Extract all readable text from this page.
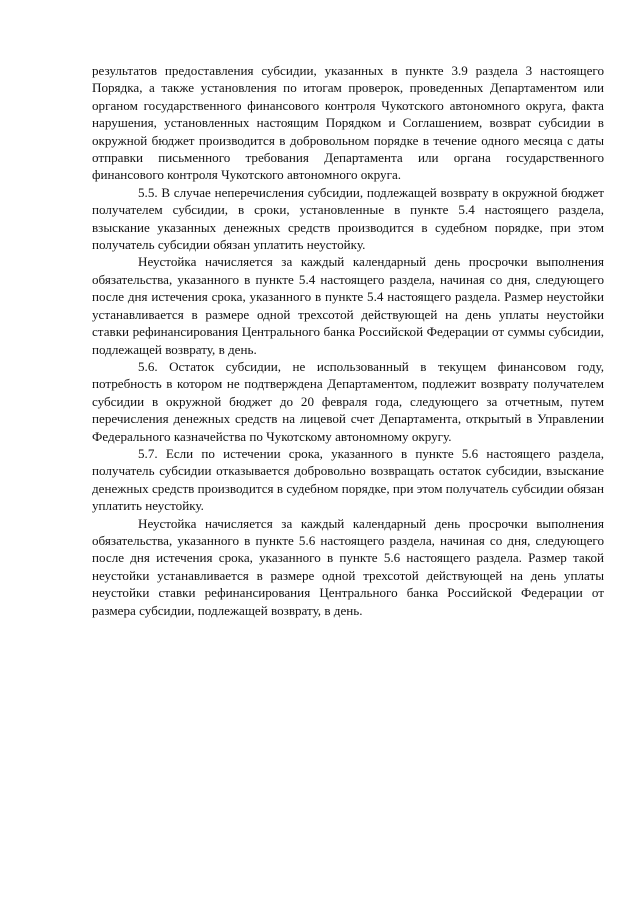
результатов предоставления субсидии, указанных в пункте 3.9 раздела 3 настоящего Порядка, а также установления по итогам проверок, проведенных Департаментом или органом государственного финансового контроля Чукотского автономного округа, факта нарушения, установленных настоящим Порядком и Соглашением, возврат субсидии в окружной бюджет производится в добровольном порядке в течение одного месяца с даты отправки письменного требования Департамента или органа государственного финансового контроля Чукотского автономного округа.

5.5. В случае неперечисления субсидии, подлежащей возврату в окружной бюджет получателем субсидии, в сроки, установленные в пункте 5.4 настоящего раздела, взыскание указанных денежных средств производится в судебном порядке, при этом получатель субсидии обязан уплатить неустойку.

Неустойка начисляется за каждый календарный день просрочки выполнения обязательства, указанного в пункте 5.4 настоящего раздела, начиная со дня, следующего после дня истечения срока, указанного в пункте 5.4 настоящего раздела. Размер неустойки устанавливается в размере одной трехсотой действующей на день уплаты неустойки ставки рефинансирования Центрального банка Российской Федерации от суммы субсидии, подлежащей возврату, в день.

5.6. Остаток субсидии, не использованный в текущем финансовом году, потребность в котором не подтверждена Департаментом, подлежит возврату получателем субсидии в окружной бюджет до 20 февраля года, следующего за отчетным, путем перечисления денежных средств на лицевой счет Департамента, открытый в Управлении Федерального казначейства по Чукотскому автономному округу.

5.7. Если по истечении срока, указанного в пункте 5.6 настоящего раздела, получатель субсидии отказывается добровольно возвращать остаток субсидии, взыскание денежных средств производится в судебном порядке, при этом получатель субсидии обязан уплатить неустойку.

Неустойка начисляется за каждый календарный день просрочки выполнения обязательства, указанного в пункте 5.6 настоящего раздела, начиная со дня, следующего после дня истечения срока, указанного в пункте 5.6 настоящего раздела. Размер такой неустойки устанавливается в размере одной трехсотой действующей на день уплаты неустойки ставки рефинансирования Центрального банка Российской Федерации от размера субсидии, подлежащей возврату, в день.
